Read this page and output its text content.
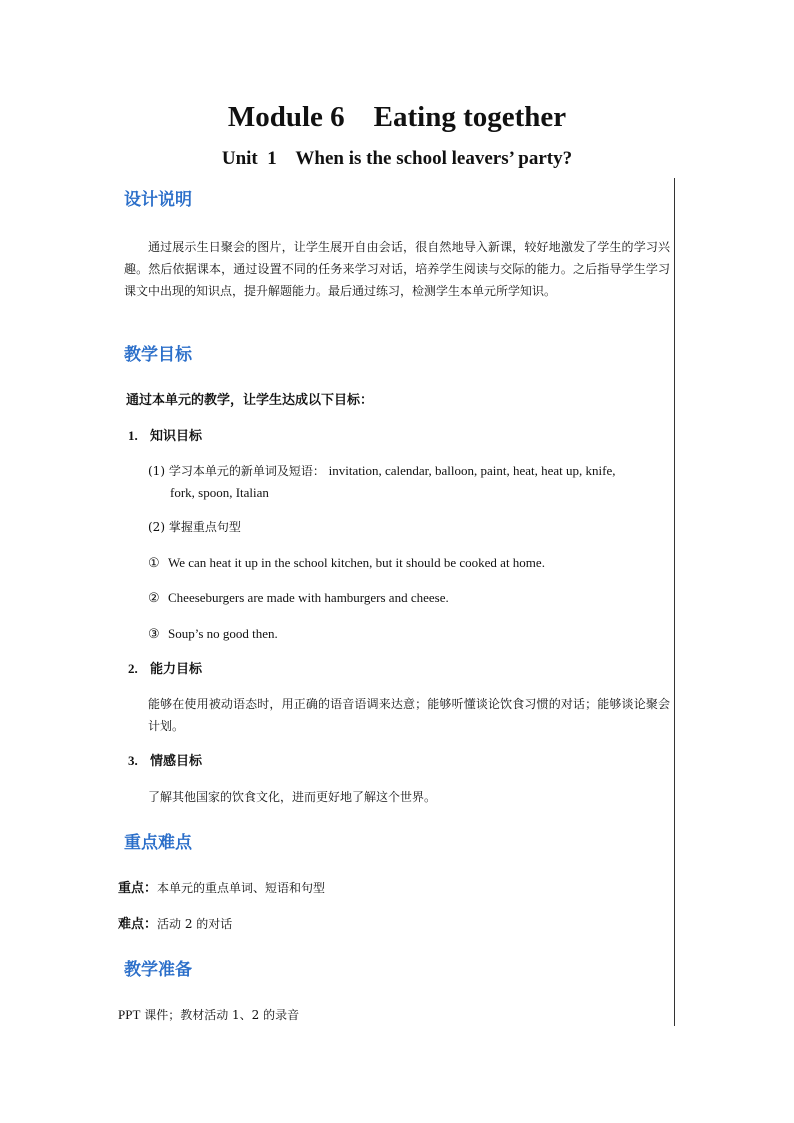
Module 6    Eating together
Unit  1    When is the school leavers’ party?
设计说明
通过展示生日聚会的图片，让学生展开自由会话，很自然地导入新课，较好地激发了学生的学习兴趣。然后依据课本，通过设置不同的任务来学习对话，培养学生阅读与交际的能力。之后指导学生学习课文中出现的知识点，提升解题能力。最后通过练习，检测学生本单元所学知识。
教学目标
通过本单元的教学，让学生达成以下目标：
1. 知识目标
(1) 学习本单元的新单词及短语： invitation, calendar, balloon, paint, heat, heat up, knife,
fork, spoon, Italian
(2) 掌握重点句型
① We can heat it up in the school kitchen, but it should be cooked at home.
② Cheeseburgers are made with hamburgers and cheese.
③ Soup’s no good then.
2. 能力目标
能够在使用被动语态时，用正确的语音语调来达意；能够听懂谈论饮食习惯的对话；能够谈论聚会计划。
3. 情感目标
了解其他国家的饮食文化，进而更好地了解这个世界。
重点难点
重点：本单元的重点单词、短语和句型
难点：活动 2 的对话
教学准备
PPT 课件；教材活动 1、2 的录音
